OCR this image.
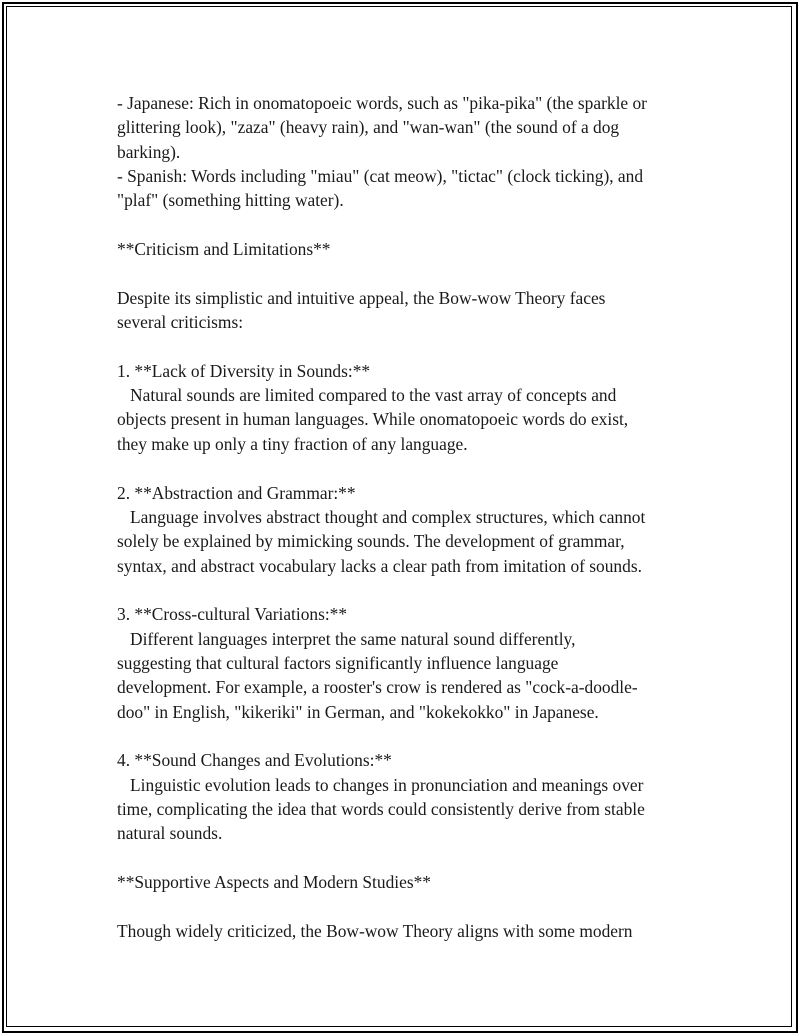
- Japanese: Rich in onomatopoeic words, such as "pika-pika" (the sparkle or
glittering look), "zaza" (heavy rain), and "wan-wan" (the sound of a dog
barking).
- Spanish: Words including "miau" (cat meow), "tictac" (clock ticking), and
"plaf" (something hitting water).
**Criticism and Limitations**
Despite its simplistic and intuitive appeal, the Bow-wow Theory faces
several criticisms:
1. **Lack of Diversity in Sounds:**
Natural sounds are limited compared to the vast array of concepts and
objects present in human languages. While onomatopoeic words do exist,
they make up only a tiny fraction of any language.
2. **Abstraction and Grammar:**
Language involves abstract thought and complex structures, which cannot
solely be explained by mimicking sounds. The development of grammar,
syntax, and abstract vocabulary lacks a clear path from imitation of sounds.
3. **Cross-cultural Variations:**
Different languages interpret the same natural sound differently,
suggesting that cultural factors significantly influence language
development. For example, a rooster's crow is rendered as "cock-a-doodle-
doo" in English, "kikeriki" in German, and "kokekokko" in Japanese.
4. **Sound Changes and Evolutions:**
Linguistic evolution leads to changes in pronunciation and meanings over
time, complicating the idea that words could consistently derive from stable
natural sounds.
**Supportive Aspects and Modern Studies**
Though widely criticized, the Bow-wow Theory aligns with some modern
